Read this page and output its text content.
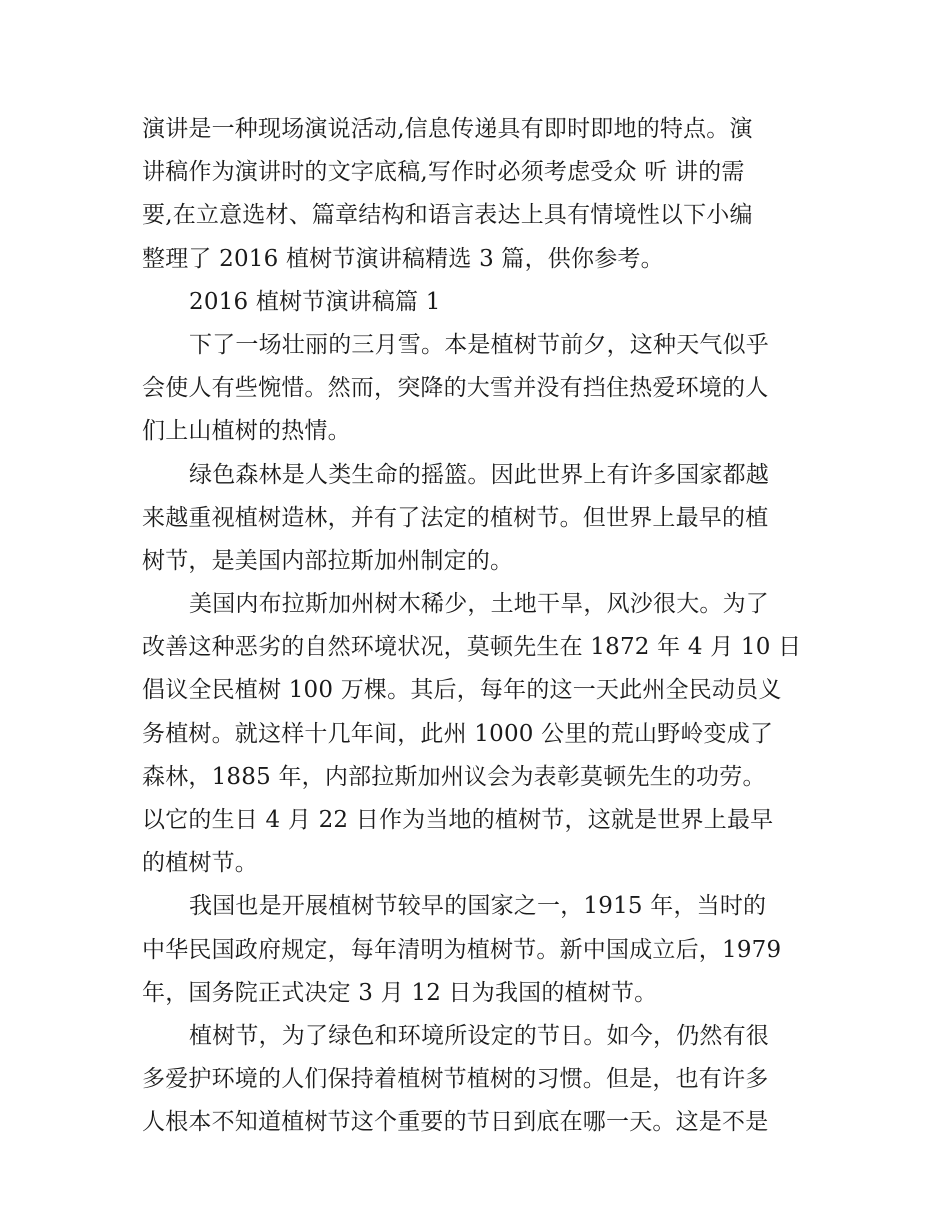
演讲是一种现场演说活动,信息传递具有即时即地的特点。演
讲稿作为演讲时的文字底稿,写作时必须考虑受众 听 讲的需
要,在立意选材、篇章结构和语言表达上具有情境性以下小编
整理了 2016 植树节演讲稿精选 3 篇，供你参考。
2016 植树节演讲稿篇 1
下了一场壮丽的三月雪。本是植树节前夕，这种天气似乎
会使人有些惋惜。然而，突降的大雪并没有挡住热爱环境的人
们上山植树的热情。
绿色森林是人类生命的摇篮。因此世界上有许多国家都越
来越重视植树造林，并有了法定的植树节。但世界上最早的植
树节，是美国内部拉斯加州制定的。
美国内布拉斯加州树木稀少，土地干旱，风沙很大。为了
改善这种恶劣的自然环境状况，莫顿先生在 1872 年 4 月 10 日
倡议全民植树 100 万棵。其后，每年的这一天此州全民动员义
务植树。就这样十几年间，此州 1000 公里的荒山野岭变成了
森林，1885 年，内部拉斯加州议会为表彰莫顿先生的功劳。
以它的生日 4 月 22 日作为当地的植树节，这就是世界上最早
的植树节。
我国也是开展植树节较早的国家之一，1915 年，当时的
中华民国政府规定，每年清明为植树节。新中国成立后，1979
年，国务院正式决定 3 月 12 日为我国的植树节。
植树节，为了绿色和环境所设定的节日。如今，仍然有很
多爱护环境的人们保持着植树节植树的习惯。但是，也有许多
人根本不知道植树节这个重要的节日到底在哪一天。这是不是
